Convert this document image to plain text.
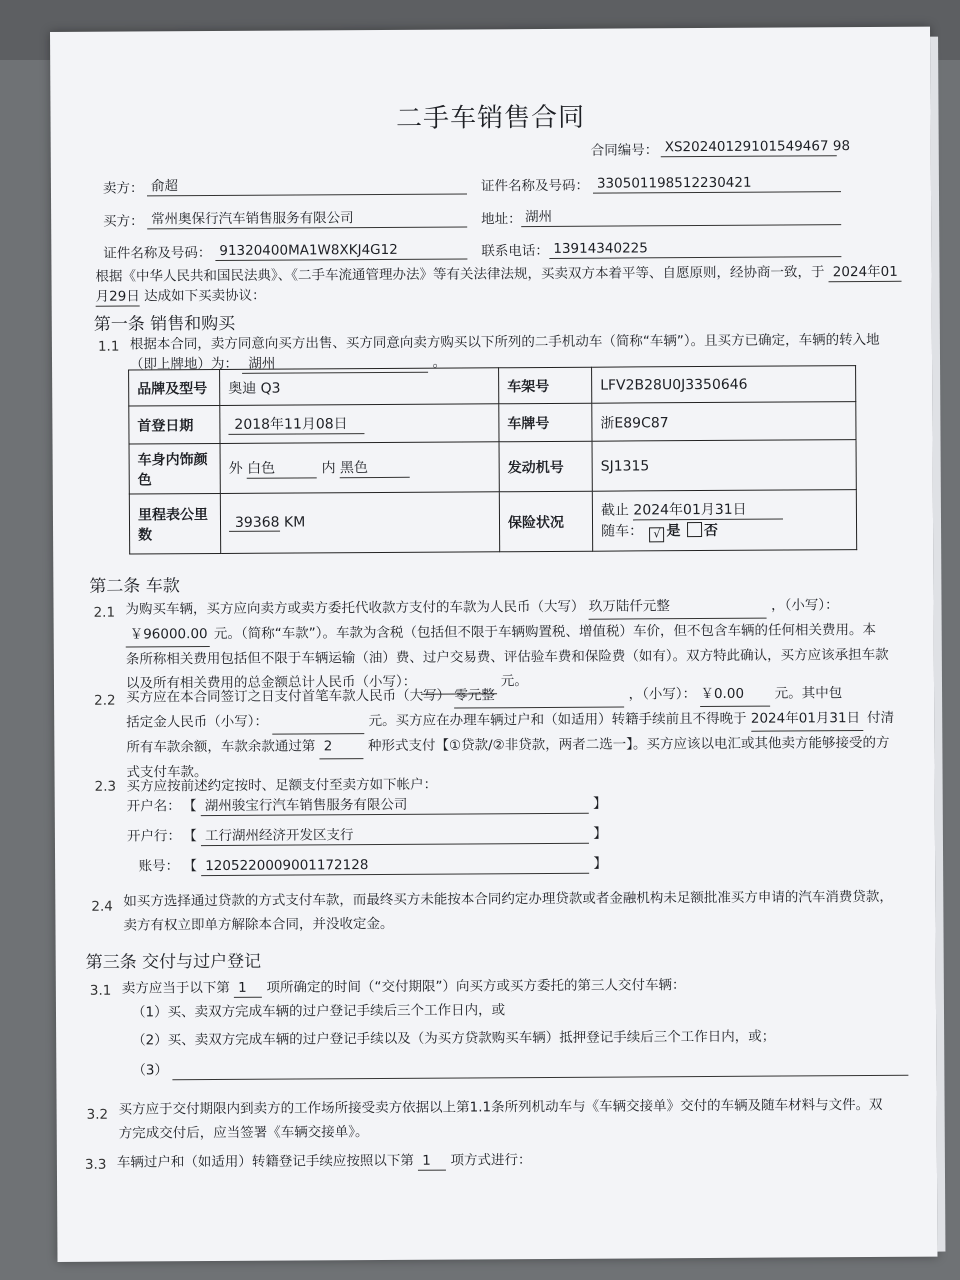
二手车销售合同
合同编号： XS20240129101549467 98
卖方： 俞超	证件名称及号码： 330501198512230421
买方： 常州奥保行汽车销售服务有限公司	地址： 湖州
证件名称及号码： 91320400MA1W8XKJ4G12	联系电话： 13914340225
根据《中华人民共和国民法典》、《二手车流通管理办法》等有关法律法规，买卖双方本着平等、自愿原则，经协商一致，于 2024年01
月29日 达成如下买卖协议：
第一条 销售和购买
1.1 根据本合同，卖方同意向买方出售、买方同意向卖方购买以下所列的二手机动车（简称“车辆”）。且买方已确定，车辆的转入地
（即上牌地）为： 湖州	。
品牌及型号	奥迪 Q3	车架号	LFV2B28U0J3350646
首登日期	2018年11月08日	车牌号	浙E89C87
车身内饰颜色	外 白色 内 黑色	发动机号	SJ1315
里程表公里数	39368 KM	保险状况	截止 2024年01月31日
随车： √ 是 否
第二条 车款
2.1 为购买车辆，买方应向卖方或卖方委托代收款方支付的车款为人民币（大写） 玖万陆仟元整	，（小写）：
￥96000.00 元。（简称“车款”）。车款为含税（包括但不限于车辆购置税、增值税）车价，但不包含车辆的任何相关费用。本
条所称相关费用包括但不限于车辆运输（油）费、过户交易费、评估验车费和保险费（如有）。双方特此确认，买方应该承担车款
以及所有相关费用的总金额总计人民币（小写）：	元。
2.2 买方应在本合同签订之日支付首笔车款人民币（大写） 零元整	，（小写）： ￥0.00 元。其中包
括定金人民币（小写）：	元。买方应在办理车辆过户和（如适用）转籍手续前且不得晚于 2024年01月31日 付清
所有车款余额，车款余款通过第 2	种形式支付【①贷款/②非贷款，两者二选一】。买方应该以电汇或其他卖方能够接受的方
式支付车款。
2.3 买方应按前述约定按时、足额支付至卖方如下帐户：
开户名： 【 湖州骏宝行汽车销售服务有限公司	】
开户行： 【 工行湖州经济开发区支行	】
账号： 【 1205220009001172128	】
2.4 如买方选择通过贷款的方式支付车款，而最终买方未能按本合同约定办理贷款或者金融机构未足额批准买方申请的汽车消费贷款，
卖方有权立即单方解除本合同，并没收定金。
第三条 交付与过户登记
3.1 卖方应当于以下第 1 项所确定的时间（“交付期限”）向买方或买方委托的第三人交付车辆：
（1）买、卖双方完成车辆的过户登记手续后三个工作日内，或
（2）买、卖双方完成车辆的过户登记手续以及（为买方贷款购买车辆）抵押登记手续后三个工作日内，或；
（3）
3.2 买方应于交付期限内到卖方的工作场所接受卖方依据以上第1.1条所列机动车与《车辆交接单》交付的车辆及随车材料与文件。双
方完成交付后，应当签署《车辆交接单》。
3.3 车辆过户和（如适用）转籍登记手续应按照以下第 1 项方式进行：
